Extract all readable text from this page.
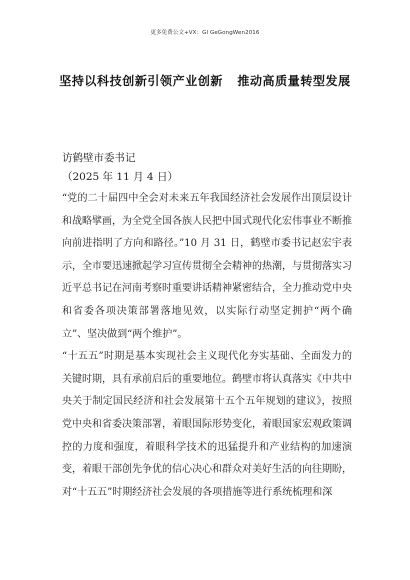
更多免费公文+VX：Gl GeGongWen2016
坚持以科技创新引领产业创新   推动高质量转型发展
访鹤壁市委书记
（2025 年 11 月 4 日）

“党的二十届四中全会对未来五年我国经济社会发展作出顶层设计和战略擘画，为全党全国各族人民把中国式现代化宏伟事业不断推向前进指明了方向和路径。”10 月 31 日，鹤壁市委书记赵宏宇表示，全市要迅速掀起学习宣传贯彻全会精神的热潮，与贯彻落实习近平总书记在河南考察时重要讲话精神紧密结合，全力推动党中央和省委各项决策部署落地见效，以实际行动坚定拥护“两个确立”、坚决做到“两个维护”。

“十五五”时期是基本实现社会主义现代化夯实基础、全面发力的关键时期，具有承前启后的重要地位。鹤壁市将认真落实《中共中央关于制定国民经济和社会发展第十五个五年规划的建议》，按照党中央和省委决策部署，着眼国际形势变化，着眼国家宏观政策调控的力度和强度，着眼科学技术的迅猛提升和产业结构的加速演变，着眼干部创先争优的信心决心和群众对美好生活的向往期盼，对“十五五”时期经济社会发展的各项措施等进行系统梳理和深
